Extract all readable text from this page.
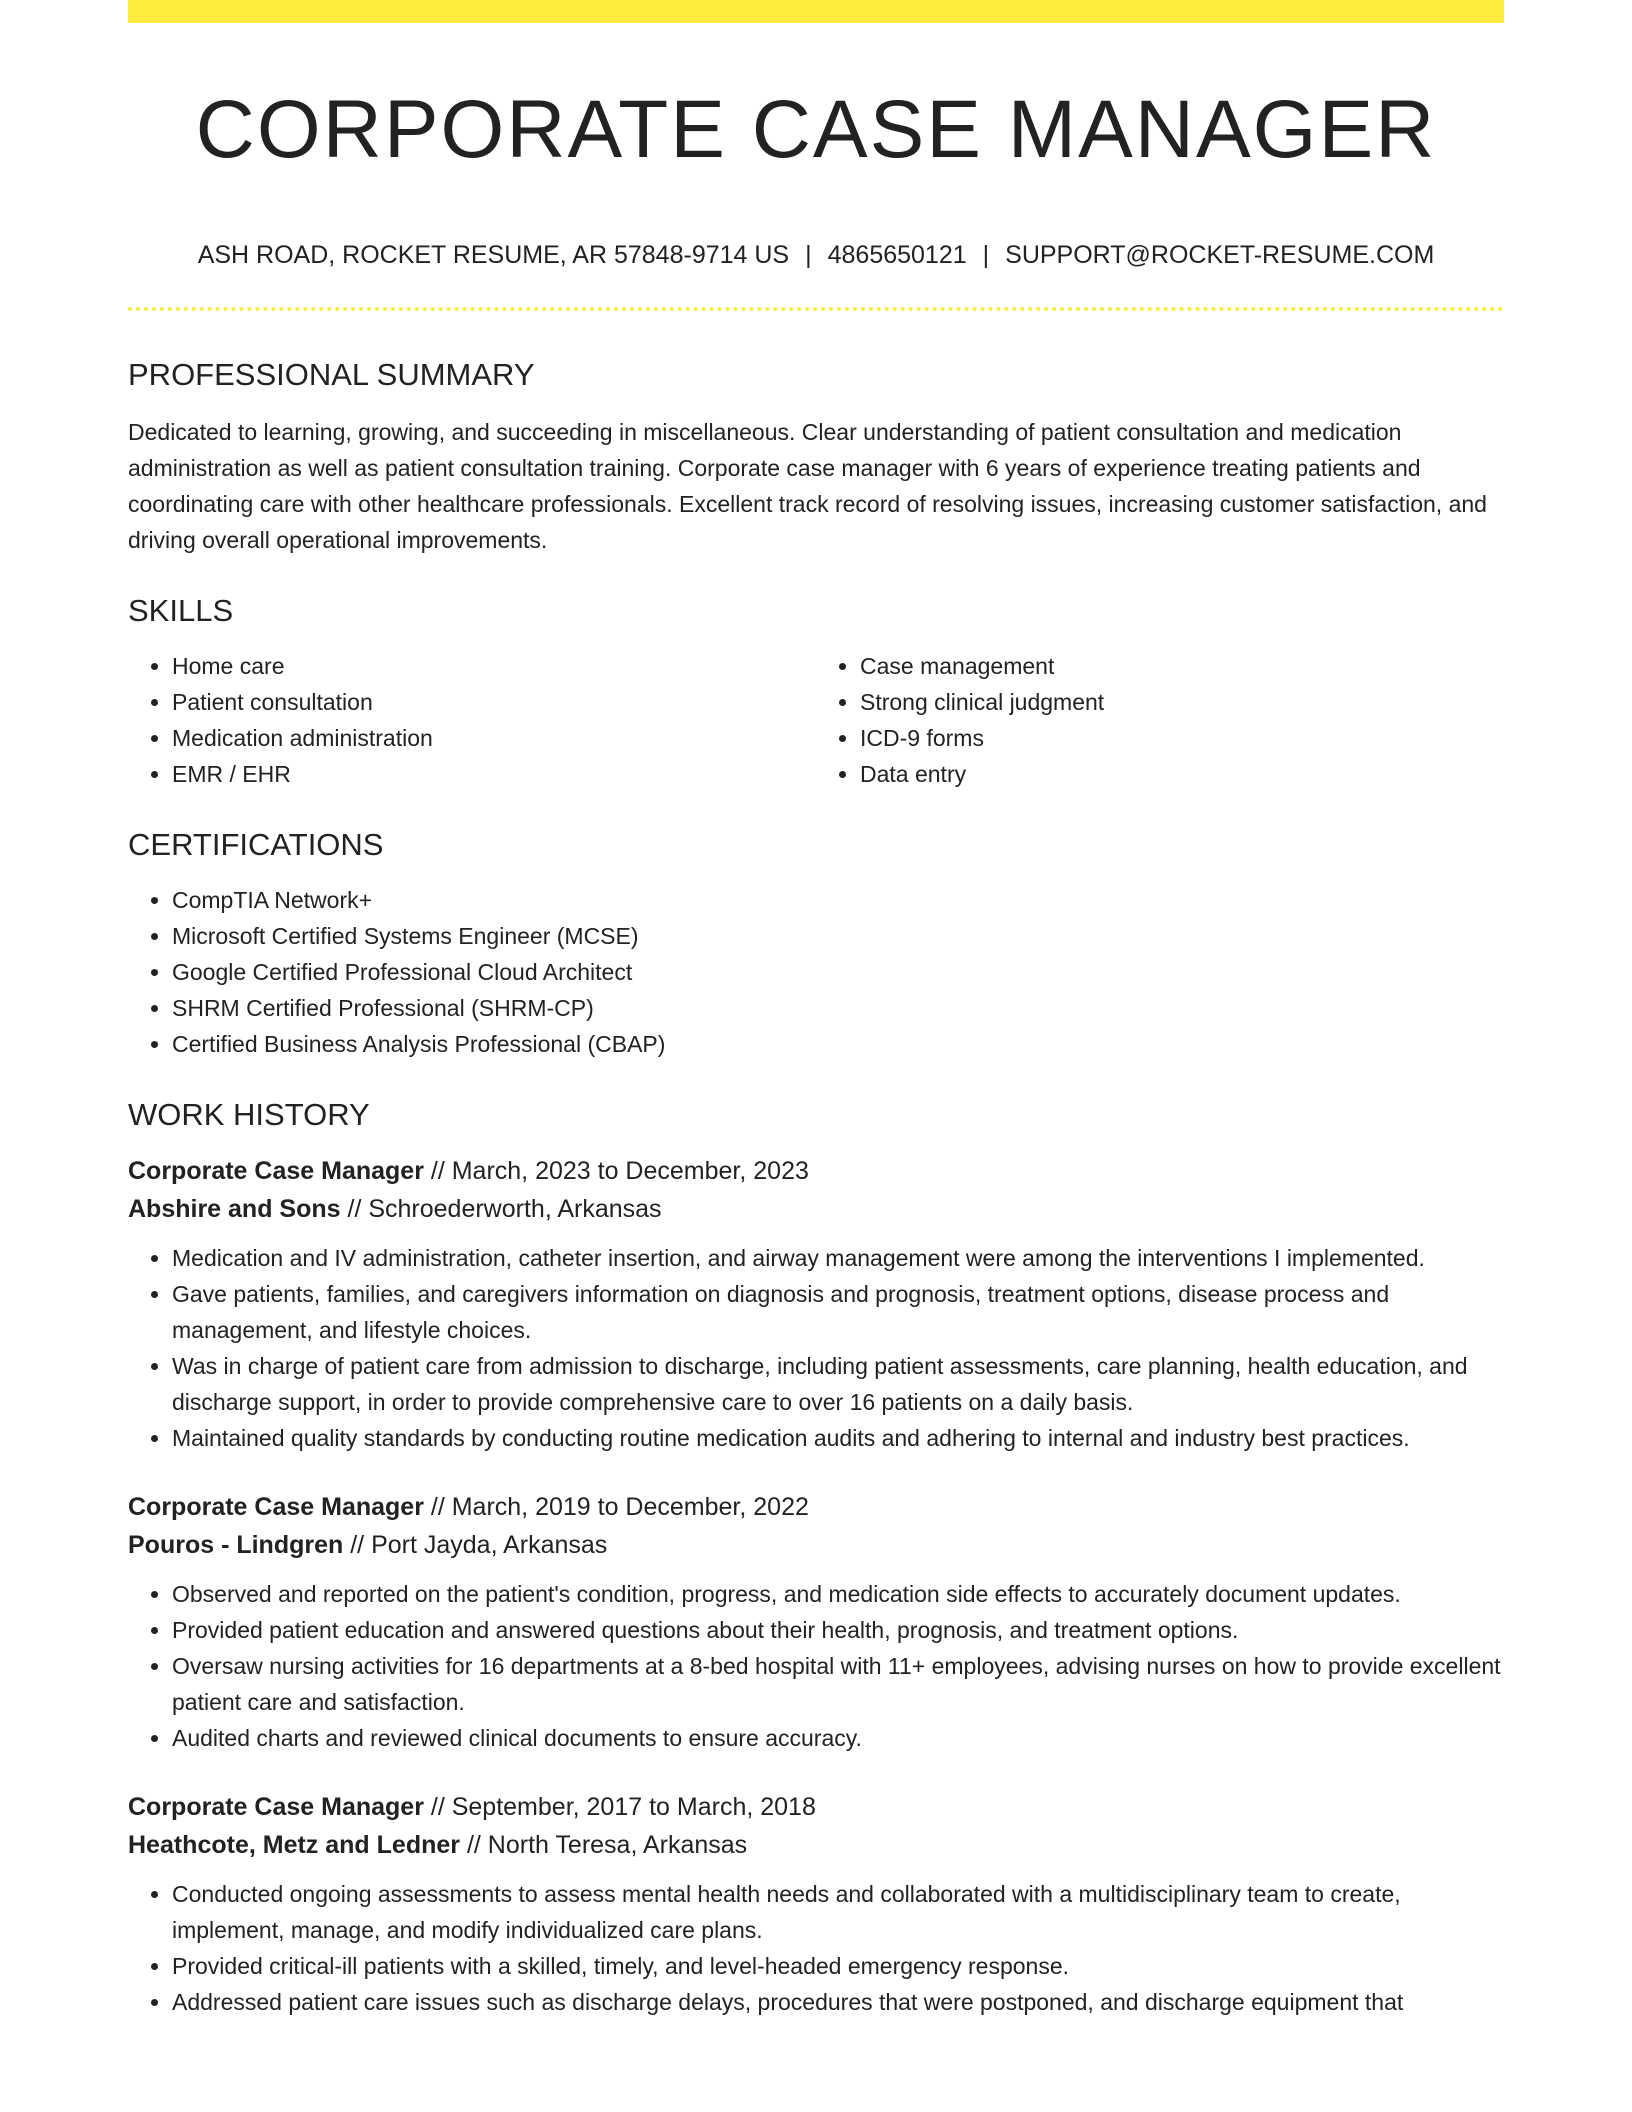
CORPORATE CASE MANAGER
ASH ROAD, ROCKET RESUME, AR 57848-9714 US | 4865650121 | SUPPORT@ROCKET-RESUME.COM
PROFESSIONAL SUMMARY

Dedicated to learning, growing, and succeeding in miscellaneous. Clear understanding of patient consultation and medication administration as well as patient consultation training. Corporate case manager with 6 years of experience treating patients and coordinating care with other healthcare professionals. Excellent track record of resolving issues, increasing customer satisfaction, and driving overall operational improvements.

SKILLS
• Home care
• Patient consultation
• Medication administration
• EMR / EHR
• Case management
• Strong clinical judgment
• ICD-9 forms
• Data entry
CERTIFICATIONS
• CompTIA Network+
• Microsoft Certified Systems Engineer (MCSE)
• Google Certified Professional Cloud Architect
• SHRM Certified Professional (SHRM-CP)
• Certified Business Analysis Professional (CBAP)
WORK HISTORY
Corporate Case Manager // March, 2023 to December, 2023
Abshire and Sons // Schroederworth, Arkansas
• Medication and IV administration, catheter insertion, and airway management were among the interventions I implemented.
• Gave patients, families, and caregivers information on diagnosis and prognosis, treatment options, disease process and management, and lifestyle choices.
• Was in charge of patient care from admission to discharge, including patient assessments, care planning, health education, and discharge support, in order to provide comprehensive care to over 16 patients on a daily basis.
• Maintained quality standards by conducting routine medication audits and adhering to internal and industry best practices.
Corporate Case Manager // March, 2019 to December, 2022
Pouros - Lindgren // Port Jayda, Arkansas
• Observed and reported on the patient's condition, progress, and medication side effects to accurately document updates.
• Provided patient education and answered questions about their health, prognosis, and treatment options.
• Oversaw nursing activities for 16 departments at a 8-bed hospital with 11+ employees, advising nurses on how to provide excellent patient care and satisfaction.
• Audited charts and reviewed clinical documents to ensure accuracy.
Corporate Case Manager // September, 2017 to March, 2018
Heathcote, Metz and Ledner // North Teresa, Arkansas
• Conducted ongoing assessments to assess mental health needs and collaborated with a multidisciplinary team to create, implement, manage, and modify individualized care plans.
• Provided critical-ill patients with a skilled, timely, and level-headed emergency response.
• Addressed patient care issues such as discharge delays, procedures that were postponed, and discharge equipment that
